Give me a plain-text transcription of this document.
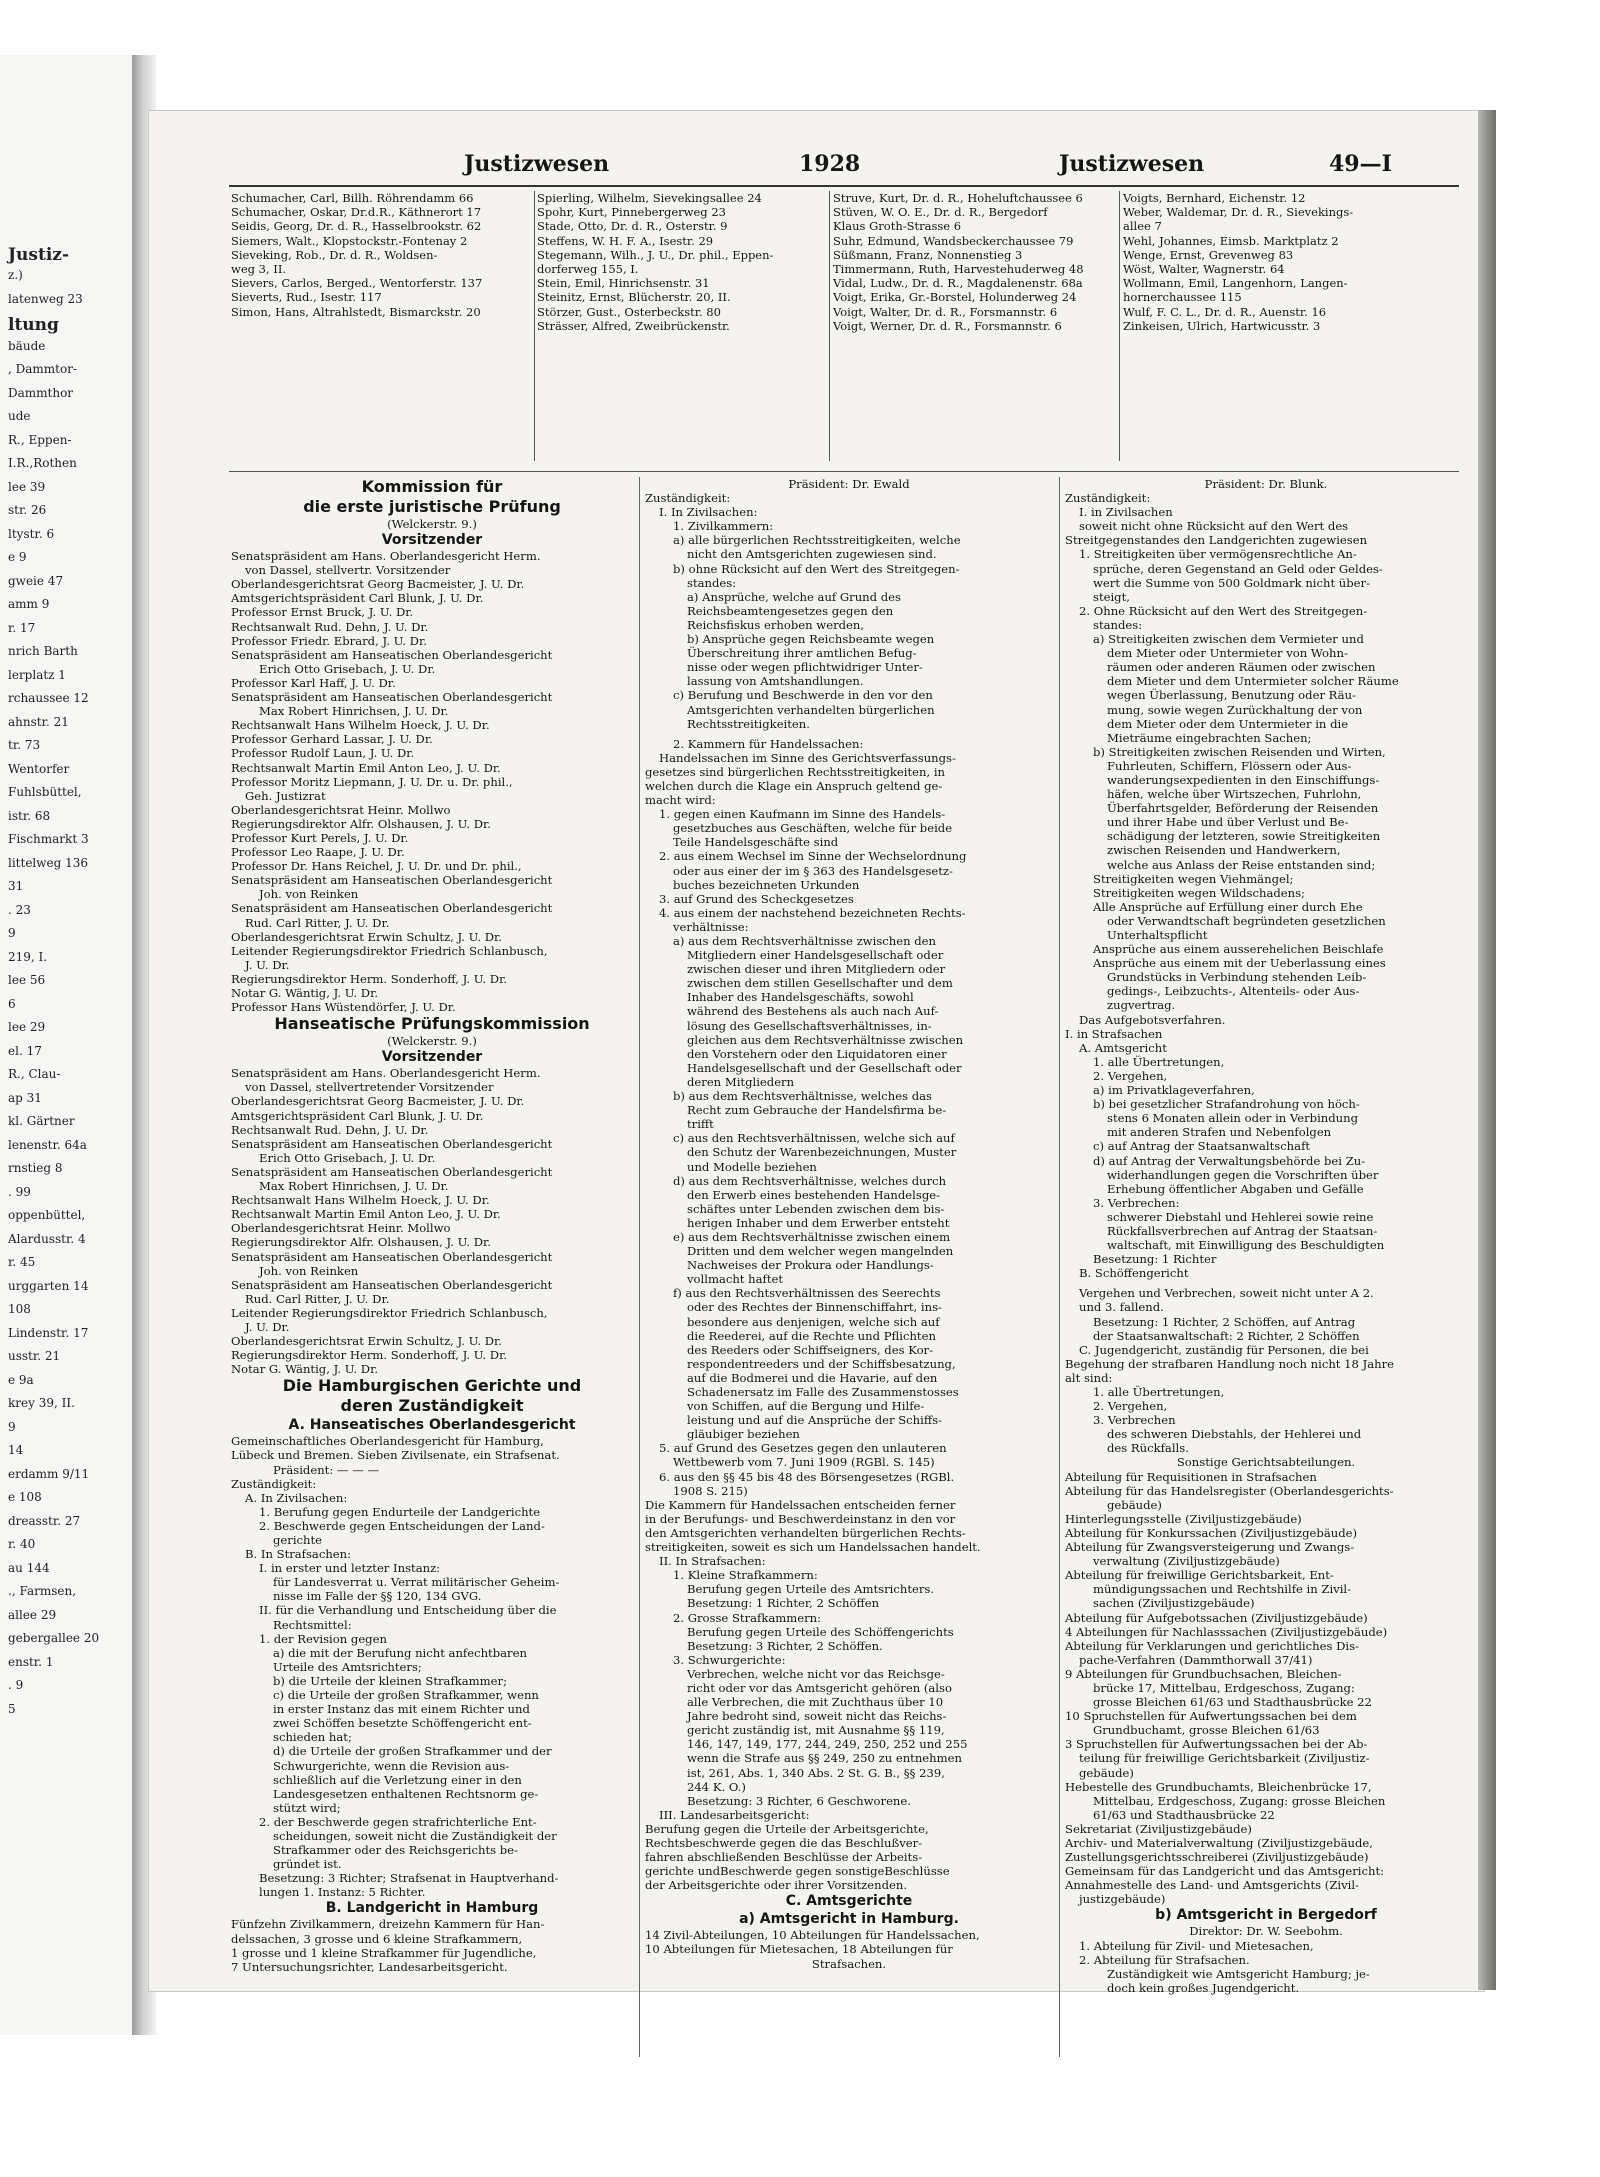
Justiz-
z.)
latenweg 23
ltung
bäude
, Dammtor-
Dammthor
ude
R., Eppen-
I.R.,Rothen
lee 39
str. 26
ltystr. 6
e 9
gweie 47
amm 9
r. 17
nrich Barth
lerplatz 1
rchaussee 12
ahnstr. 21
tr. 73
Wentorfer
Fuhlsbüttel,
istr. 68
Fischmarkt 3
littelweg 136
31
. 23
9
219, I.
lee 56
6
lee 29
el. 17
R., Clau-
ap 31
kl. Gärtner
lenenstr. 64a
rnstieg 8
. 99
oppenbüttel,
Alardusstr. 4
r. 45
urggarten 14
108
Lindenstr. 17
usstr. 21
e 9a
krey 39, II.
9
14
erdamm 9/11
e 108
dreasstr. 27
r. 40
au 144
., Farmsen,
allee 29
gebergallee 20
enstr. 1
. 9
5
Justizwesen	1928	Justizwesen	49—I
Schumacher, Carl, Billh. Röhrendamm 66
Schumacher, Oskar, Dr.d.R., Käthnerort 17
Seidis, Georg, Dr. d. R., Hasselbrookstr. 62
Siemers, Walt., Klopstockstr.-Fontenay 2
Sieveking, Rob., Dr. d. R., Woldsen-
weg 3, II.
Sievers, Carlos, Berged., Wentorferstr. 137
Sieverts, Rud., Isestr. 117
Simon, Hans, Altrahlstedt, Bismarckstr. 20
Spierling, Wilhelm, Sievekingsallee 24
Spohr, Kurt, Pinnebergerweg 23
Stade, Otto, Dr. d. R., Osterstr. 9
Steffens, W. H. F. A., Isestr. 29
Stegemann, Wilh., J. U., Dr. phil., Eppen-
dorferweg 155, I.
Stein, Emil, Hinrichsenstr. 31
Steinitz, Ernst, Blücherstr. 20, II.
Störzer, Gust., Osterbeckstr. 80
Strässer, Alfred, Zweibrückenstr.
Struve, Kurt, Dr. d. R., Hoheluftchaussee 6
Stüven, W. O. E., Dr. d. R., Bergedorf
Klaus Groth-Strasse 6
Suhr, Edmund, Wandsbeckerchaussee 79
Süßmann, Franz, Nonnenstieg 3
Timmermann, Ruth, Harvestehuderweg 48
Vidal, Ludw., Dr. d. R., Magdalenenstr. 68a
Voigt, Erika, Gr.-Borstel, Holunderweg 24
Voigt, Walter, Dr. d. R., Forsmannstr. 6
Voigt, Werner, Dr. d. R., Forsmannstr. 6
Voigts, Bernhard, Eichenstr. 12
Weber, Waldemar, Dr. d. R., Sievekings-
allee 7
Wehl, Johannes, Eimsb. Marktplatz 2
Wenge, Ernst, Grevenweg 83
Wöst, Walter, Wagnerstr. 64
Wollmann, Emil, Langenhorn, Langen-
hornerchaussee 115
Wulf, F. C. L., Dr. d. R., Auenstr. 16
Zinkeisen, Ulrich, Hartwicusstr. 3
Kommission für
die erste juristische Prüfung
(Welckerstr. 9.)
Vorsitzender
Senatspräsident am Hans. Oberlandesgericht Herm.
von Dassel, stellvertr. Vorsitzender
Oberlandesgerichtsrat Georg Bacmeister, J. U. Dr.
Amtsgerichtspräsident Carl Blunk, J. U. Dr.
Professor Ernst Bruck, J. U. Dr.
Rechtsanwalt Rud. Dehn, J. U. Dr.
Professor Friedr. Ebrard, J. U. Dr.
Senatspräsident am Hanseatischen Oberlandesgericht
Erich Otto Grisebach, J. U. Dr.
Professor Karl Haff, J. U. Dr.
Senatspräsident am Hanseatischen Oberlandesgericht
Max Robert Hinrichsen, J. U. Dr.
Rechtsanwalt Hans Wilhelm Hoeck, J. U. Dr.
Professor Gerhard Lassar, J. U. Dr.
Professor Rudolf Laun, J. U. Dr.
Rechtsanwalt Martin Emil Anton Leo, J. U. Dr.
Professor Moritz Liepmann, J. U. Dr. u. Dr. phil.,
Geh. Justizrat
Oberlandesgerichtsrat Heinr. Mollwo
Regierungsdirektor Alfr. Olshausen, J. U. Dr.
Professor Kurt Perels, J. U. Dr.
Professor Leo Raape, J. U. Dr.
Professor Dr. Hans Reichel, J. U. Dr. und Dr. phil.,
Senatspräsident am Hanseatischen Oberlandesgericht
Joh. von Reinken
Senatspräsident am Hanseatischen Oberlandesgericht
Rud. Carl Ritter, J. U. Dr.
Oberlandesgerichtsrat Erwin Schultz, J. U. Dr.
Leitender Regierungsdirektor Friedrich Schlanbusch,
J. U. Dr.
Regierungsdirektor Herm. Sonderhoff, J. U. Dr.
Notar G. Wäntig, J. U. Dr.
Professor Hans Wüstendörfer, J. U. Dr.
Hanseatische Prüfungskommission
(Welckerstr. 9.)
Vorsitzender
Senatspräsident am Hans. Oberlandesgericht Herm.
von Dassel, stellvertretender Vorsitzender
Oberlandesgerichtsrat Georg Bacmeister, J. U. Dr.
Amtsgerichtspräsident Carl Blunk, J. U. Dr.
Rechtsanwalt Rud. Dehn, J. U. Dr.
Senatspräsident am Hanseatischen Oberlandesgericht
Erich Otto Grisebach, J. U. Dr.
Senatspräsident am Hanseatischen Oberlandesgericht
Max Robert Hinrichsen, J. U. Dr.
Rechtsanwalt Hans Wilhelm Hoeck, J. U. Dr.
Rechtsanwalt Martin Emil Anton Leo, J. U. Dr.
Oberlandesgerichtsrat Heinr. Mollwo
Regierungsdirektor Alfr. Olshausen, J. U. Dr.
Senatspräsident am Hanseatischen Oberlandesgericht
Joh. von Reinken
Senatspräsident am Hanseatischen Oberlandesgericht
Rud. Carl Ritter, J. U. Dr.
Leitender Regierungsdirektor Friedrich Schlanbusch,
J. U. Dr.
Oberlandesgerichtsrat Erwin Schultz, J. U. Dr.
Regierungsdirektor Herm. Sonderhoff, J. U. Dr.
Notar G. Wäntig, J. U. Dr.
Die Hamburgischen Gerichte und
deren Zuständigkeit
A. Hanseatisches Oberlandesgericht
Gemeinschaftliches Oberlandesgericht für Hamburg,
Lübeck und Bremen. Sieben Zivilsenate, ein Strafsenat.
Präsident: — — —
Zuständigkeit:
A. In Zivilsachen:
1. Berufung gegen Endurteile der Landgerichte
2. Beschwerde gegen Entscheidungen der Land-
gerichte
B. In Strafsachen:
I. in erster und letzter Instanz:
für Landesverrat u. Verrat militärischer Geheim-
nisse im Falle der §§ 120, 134 GVG.
II. für die Verhandlung und Entscheidung über die
Rechtsmittel:
1. der Revision gegen
a) die mit der Berufung nicht anfechtbaren
Urteile des Amtsrichters;
b) die Urteile der kleinen Strafkammer;
c) die Urteile der großen Strafkammer, wenn
in erster Instanz das mit einem Richter und
zwei Schöffen besetzte Schöffengericht ent-
schieden hat;
d) die Urteile der großen Strafkammer und der
Schwurgerichte, wenn die Revision aus-
schließlich auf die Verletzung einer in den
Landesgesetzen enthaltenen Rechtsnorm ge-
stützt wird;
2. der Beschwerde gegen strafrichterliche Ent-
scheidungen, soweit nicht die Zuständigkeit der
Strafkammer oder des Reichsgerichts be-
gründet ist.
Besetzung: 3 Richter; Strafsenat in Hauptverhand-
lungen 1. Instanz: 5 Richter.
B. Landgericht in Hamburg
Fünfzehn Zivilkammern, dreizehn Kammern für Han-
delssachen, 3 grosse und 6 kleine Strafkammern,
1 grosse und 1 kleine Strafkammer für Jugendliche,
7 Untersuchungsrichter, Landesarbeitsgericht.
Präsident: Dr. Ewald
Zuständigkeit:
I. In Zivilsachen:
1. Zivilkammern:
a) alle bürgerlichen Rechtsstreitigkeiten, welche
nicht den Amtsgerichten zugewiesen sind.
b) ohne Rücksicht auf den Wert des Streitgegen-
standes:
a) Ansprüche, welche auf Grund des
Reichsbeamtengesetzes gegen den
Reichsfiskus erhoben werden,
b) Ansprüche gegen Reichsbeamte wegen
Überschreitung ihrer amtlichen Befug-
nisse oder wegen pflichtwidriger Unter-
lassung von Amtshandlungen.
c) Berufung und Beschwerde in den vor den
Amtsgerichten verhandelten bürgerlichen
Rechtsstreitigkeiten.
2. Kammern für Handelssachen:
Handelssachen im Sinne des Gerichtsverfassungs-
gesetzes sind bürgerlichen Rechtsstreitigkeiten, in
welchen durch die Klage ein Anspruch geltend ge-
macht wird:
1. gegen einen Kaufmann im Sinne des Handels-
gesetzbuches aus Geschäften, welche für beide
Teile Handelsgeschäfte sind
2. aus einem Wechsel im Sinne der Wechselordnung
oder aus einer der im § 363 des Handelsgesetz-
buches bezeichneten Urkunden
3. auf Grund des Scheckgesetzes
4. aus einem der nachstehend bezeichneten Rechts-
verhältnisse:
a) aus dem Rechtsverhältnisse zwischen den
Mitgliedern einer Handelsgesellschaft oder
zwischen dieser und ihren Mitgliedern oder
zwischen dem stillen Gesellschafter und dem
Inhaber des Handelsgeschäfts, sowohl
während des Bestehens als auch nach Auf-
lösung des Gesellschaftsverhältnisses, in-
gleichen aus dem Rechtsverhältnisse zwischen
den Vorstehern oder den Liquidatoren einer
Handelsgesellschaft und der Gesellschaft oder
deren Mitgliedern
b) aus dem Rechtsverhältnisse, welches das
Recht zum Gebrauche der Handelsfirma be-
trifft
c) aus den Rechtsverhältnissen, welche sich auf
den Schutz der Warenbezeichnungen, Muster
und Modelle beziehen
d) aus dem Rechtsverhältnisse, welches durch
den Erwerb eines bestehenden Handelsge-
schäftes unter Lebenden zwischen dem bis-
herigen Inhaber und dem Erwerber entsteht
e) aus dem Rechtsverhältnisse zwischen einem
Dritten und dem welcher wegen mangelnden
Nachweises der Prokura oder Handlungs-
vollmacht haftet
f) aus den Rechtsverhältnissen des Seerechts
oder des Rechtes der Binnenschiffahrt, ins-
besondere aus denjenigen, welche sich auf
die Reederei, auf die Rechte und Pflichten
des Reeders oder Schiffseigners, des Kor-
respondentreeders und der Schiffsbesatzung,
auf die Bodmerei und die Havarie, auf den
Schadenersatz im Falle des Zusammenstosses
von Schiffen, auf die Bergung und Hilfe-
leistung und auf die Ansprüche der Schiffs-
gläubiger beziehen
5. auf Grund des Gesetzes gegen den unlauteren
Wettbewerb vom 7. Juni 1909 (RGBl. S. 145)
6. aus den §§ 45 bis 48 des Börsengesetzes (RGBl.
1908 S. 215)
Die Kammern für Handelssachen entscheiden ferner
in der Berufungs- und Beschwerdeinstanz in den vor
den Amtsgerichten verhandelten bürgerlichen Rechts-
streitigkeiten, soweit es sich um Handelssachen handelt.
II. In Strafsachen:
1. Kleine Strafkammern:
Berufung gegen Urteile des Amtsrichters.
Besetzung: 1 Richter, 2 Schöffen
2. Grosse Strafkammern:
Berufung gegen Urteile des Schöffengerichts
Besetzung: 3 Richter, 2 Schöffen.
3. Schwurgerichte:
Verbrechen, welche nicht vor das Reichsge-
richt oder vor das Amtsgericht gehören (also
alle Verbrechen, die mit Zuchthaus über 10
Jahre bedroht sind, soweit nicht das Reichs-
gericht zuständig ist, mit Ausnahme §§ 119,
146, 147, 149, 177, 244, 249, 250, 252 und 255
wenn die Strafe aus §§ 249, 250 zu entnehmen
ist, 261, Abs. 1, 340 Abs. 2 St. G. B., §§ 239,
244 K. O.)
Besetzung: 3 Richter, 6 Geschworene.
III. Landesarbeitsgericht:
Berufung gegen die Urteile der Arbeitsgerichte,
Rechtsbeschwerde gegen die das Beschlußver-
fahren abschließenden Beschlüsse der Arbeits-
gerichte undBeschwerde gegen sonstigeBeschlüsse
der Arbeitsgerichte oder ihrer Vorsitzenden.
C. Amtsgerichte
a) Amtsgericht in Hamburg.
14 Zivil-Abteilungen, 10 Abteilungen für Handelssachen,
10 Abteilungen für Mietesachen, 18 Abteilungen für
Strafsachen.
Präsident: Dr. Blunk.
Zuständigkeit:
I. in Zivilsachen
soweit nicht ohne Rücksicht auf den Wert des
Streitgegenstandes den Landgerichten zugewiesen
1. Streitigkeiten über vermögensrechtliche An-
sprüche, deren Gegenstand an Geld oder Geldes-
wert die Summe von 500 Goldmark nicht über-
steigt,
2. Ohne Rücksicht auf den Wert des Streitgegen-
standes:
a) Streitigkeiten zwischen dem Vermieter und
dem Mieter oder Untermieter von Wohn-
räumen oder anderen Räumen oder zwischen
dem Mieter und dem Untermieter solcher Räume
wegen Überlassung, Benutzung oder Räu-
mung, sowie wegen Zurückhaltung der von
dem Mieter oder dem Untermieter in die
Mieträume eingebrachten Sachen;
b) Streitigkeiten zwischen Reisenden und Wirten,
Fuhrleuten, Schiffern, Flössern oder Aus-
wanderungsexpedienten in den Einschiffungs-
häfen, welche über Wirtszechen, Fuhrlohn,
Überfahrtsgelder, Beförderung der Reisenden
und ihrer Habe und über Verlust und Be-
schädigung der letzteren, sowie Streitigkeiten
zwischen Reisenden und Handwerkern,
welche aus Anlass der Reise entstanden sind;
Streitigkeiten wegen Viehmängel;
Streitigkeiten wegen Wildschadens;
Alle Ansprüche auf Erfüllung einer durch Ehe
oder Verwandtschaft begründeten gesetzlichen
Unterhaltspflicht
Ansprüche aus einem ausserehelichen Beischlafe
Ansprüche aus einem mit der Ueberlassung eines
Grundstücks in Verbindung stehenden Leib-
gedings-, Leibzuchts-, Altenteils- oder Aus-
zugvertrag.
Das Aufgebotsverfahren.
I. in Strafsachen
A. Amtsgericht
1. alle Übertretungen,
2. Vergehen,
a) im Privatklageverfahren,
b) bei gesetzlicher Strafandrohung von höch-
stens 6 Monaten allein oder in Verbindung
mit anderen Strafen und Nebenfolgen
c) auf Antrag der Staatsanwaltschaft
d) auf Antrag der Verwaltungsbehörde bei Zu-
widerhandlungen gegen die Vorschriften über
Erhebung öffentlicher Abgaben und Gefälle
3. Verbrechen:
schwerer Diebstahl und Hehlerei sowie reine
Rückfallsverbrechen auf Antrag der Staatsan-
waltschaft, mit Einwilligung des Beschuldigten
Besetzung: 1 Richter
B. Schöffengericht
Vergehen und Verbrechen, soweit nicht unter A 2.
und 3. fallend.
Besetzung: 1 Richter, 2 Schöffen, auf Antrag
der Staatsanwaltschaft: 2 Richter, 2 Schöffen
C. Jugendgericht, zuständig für Personen, die bei
Begehung der strafbaren Handlung noch nicht 18 Jahre
alt sind:
1. alle Übertretungen,
2. Vergehen,
3. Verbrechen
des schweren Diebstahls, der Hehlerei und
des Rückfalls.
Sonstige Gerichtsabteilungen.
Abteilung für Requisitionen in Strafsachen
Abteilung für das Handelsregister (Oberlandesgerichts-
gebäude)
Hinterlegungsstelle (Ziviljustizgebäude)
Abteilung für Konkurssachen (Ziviljustizgebäude)
Abteilung für Zwangsversteigerung und Zwangs-
verwaltung (Ziviljustizgebäude)
Abteilung für freiwillige Gerichtsbarkeit, Ent-
mündigungssachen und Rechtshilfe in Zivil-
sachen (Ziviljustizgebäude)
Abteilung für Aufgebotssachen (Ziviljustizgebäude)
4 Abteilungen für Nachlasssachen (Ziviljustizgebäude)
Abteilung für Verklarungen und gerichtliches Dis-
pache-Verfahren (Dammthorwall 37/41)
9 Abteilungen für Grundbuchsachen, Bleichen-
brücke 17, Mittelbau, Erdgeschoss, Zugang:
grosse Bleichen 61/63 und Stadthausbrücke 22
10 Spruchstellen für Aufwertungssachen bei dem
Grundbuchamt, grosse Bleichen 61/63
3 Spruchstellen für Aufwertungssachen bei der Ab-
teilung für freiwillige Gerichtsbarkeit (Ziviljustiz-
gebäude)
Hebestelle des Grundbuchamts, Bleichenbrücke 17,
Mittelbau, Erdgeschoss, Zugang: grosse Bleichen
61/63 und Stadthausbrücke 22
Sekretariat (Ziviljustizgebäude)
Archiv- und Materialverwaltung (Ziviljustizgebäude,
Zustellungsgerichtsschreiberei (Ziviljustizgebäude)
Gemeinsam für das Landgericht und das Amtsgericht:
Annahmestelle des Land- und Amtsgerichts (Zivil-
justizgebäude)
b) Amtsgericht in Bergedorf
Direktor: Dr. W. Seebohm.
1. Abteilung für Zivil- und Mietesachen,
2. Abteilung für Strafsachen.
Zuständigkeit wie Amtsgericht Hamburg; je-
doch kein großes Jugendgericht.
